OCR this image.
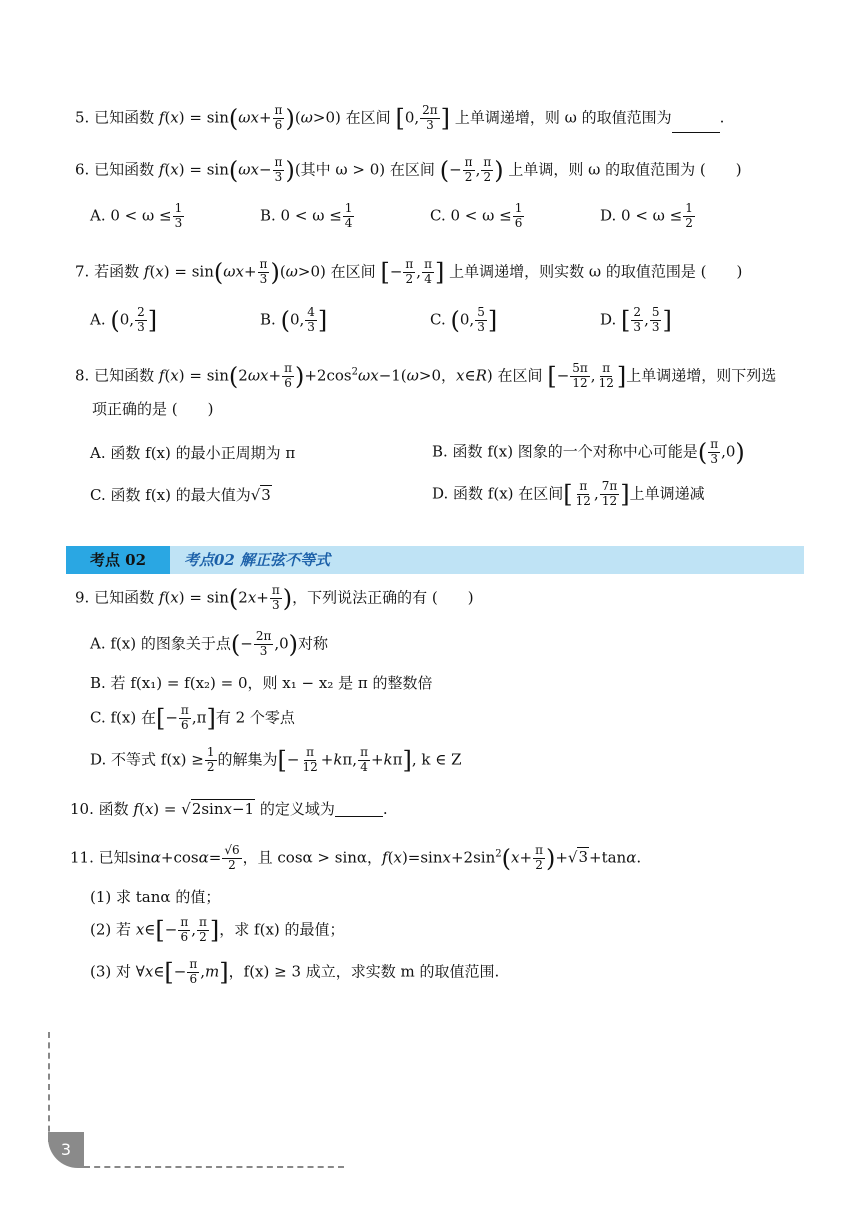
5. 已知函数 $f(x) = \sin(\omega x+ \frac{\pi}{6} )(\omega>0)$ 在区间 [0, $\frac{2\pi}{3}$ ] 上单调递增，则 ω 的取值范围为	.
6. 已知函数 $f(x) = \sin(\omega x- \frac{\pi}{3}$ )(其中 ω > 0) 在区间 (− $\frac{\pi}{2}$ , $\frac{\pi}{2}$ ) 上单调，则 ω 的取值范围为 ( )
A. $0 < \omega \le \frac{1}{3}$	B. $0 < \omega \le \frac{1}{4}$	C. $0 < \omega \le \frac{1}{6}$	D. $0 < \omega \le \frac{1}{2}$
7. 若函数 $f(x) = \sin(\omega x+ \frac{\pi}{3} )(\omega>0)$ 在区间 [− $\frac{\pi}{2}$ , $\frac{\pi}{4}$ ] 上单调递增，则实数 ω 的取值范围是 ( )
A. (0, $\frac{2}{3}$ ]	B. (0, $\frac{4}{3}$ ]	C. (0, $\frac{5}{3}$ ]	D. [ $\frac{2}{3}$ , $\frac{5}{3}$ ]
8. 已知函数 $f(x) = \sin(2\omega x+ \frac{\pi}{6} )+2\cos^2\omega x-1(\omega>0$，x∈R) 在区间 [− $\frac{5\pi}{12}$ , $\frac{\pi}{12}$ ]上单调递增，则下列选
项正确的是 ( )
A. 函数 f(x) 的最小正周期为 π	B. 函数 f(x) 图象的一个对称中心可能是( $\frac{\pi}{3} ,0$)
C. 函数 f(x) 的最大值为√3	D. 函数 f(x) 在区间[ $\frac{\pi}{12}$ , $\frac{7\pi}{12}$ ]上单调递减
考点 02	考点02 解正弦不等式
9. 已知函数 $f(x) = \sin(2x+ \frac{\pi}{3}$ )，下列说法正确的有 ( )
A. f(x) 的图象关于点(− $\frac{2\pi}{3} ,0$)对称
B. 若 f(x₁) = f(x₂) = 0，则 x₁ − x₂ 是 π 的整数倍
C. f(x) 在[− $\frac{\pi}{6} ,\pi$]有 2 个零点
D. 不等式 $f(x) \ge \frac{1}{2}$ 的解集为[− $\frac{\pi}{12} +k\pi$, $\frac{\pi}{4} +k\pi$], k ∈ Z
10. 函数 f(x) = √2sinx−1 的定义域为	.
11. 已知$\sin\alpha+\cos\alpha= \frac{√6}{2}$ ，且 cosα > sinα，$f(x)=\sin x+2\sin^2(x+ \frac{\pi}{2} )+√3+\tan\alpha$.
(1) 求 tanα 的值；
(2) 若 x∈[− $\frac{\pi}{6}$ , $\frac{\pi}{2}$ ]，求 f(x) 的最值；
(3) 对 ∀x∈[− $\frac{\pi}{6} ,m$]，f(x) ≥ 3 成立，求实数 m 的取值范围.
3
